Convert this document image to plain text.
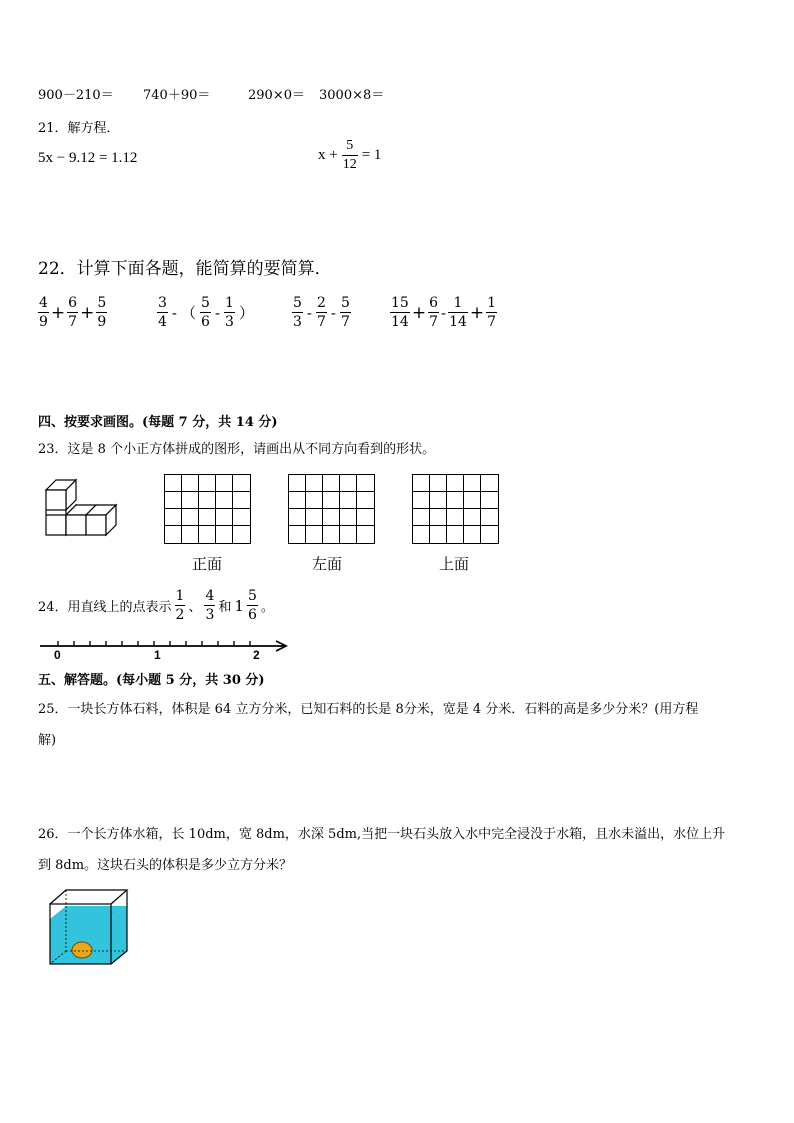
900－210＝ 740＋90＝	290×0＝ 3000×8＝
21．解方程．
5x − 9.12 = 1.12	$x + \frac{5}{12} = 1$
22．计算下面各题，能简算的要简算．
$\frac{4}{9} + \frac{6}{7} + \frac{5}{9}$	$\frac{3}{4}$ - （ $\frac{5}{6} - \frac{1}{3}$ ）	$\frac{5}{3} - \frac{2}{7} - \frac{5}{7}$	$\frac{15}{14} + \frac{6}{7} - \frac{1}{14} + \frac{1}{7}$
四、按要求画图。(每题 7 分，共 14 分)
23．这是 8 个小正方体拼成的图形，请画出从不同方向看到的形状。
正面	左面	上面
24．用直线上的点表示 $\frac{1}{2}$ 、 $\frac{4}{3}$ 和 $1 \frac{5}{6}$ 。
0	1	2
五、解答题。(每小题 5 分，共 30 分)
25．一块长方体石料，体积是 64 立方分米，已知石料的长是 8分米，宽是 4 分米．石料的高是多少分米？(用方程
解)
26．一个长方体水箱，长 10dm，宽 8dm，水深 5dm,当把一块石头放入水中完全浸没于水箱，且水未溢出，水位上升
到 8dm。这块石头的体积是多少立方分米？
